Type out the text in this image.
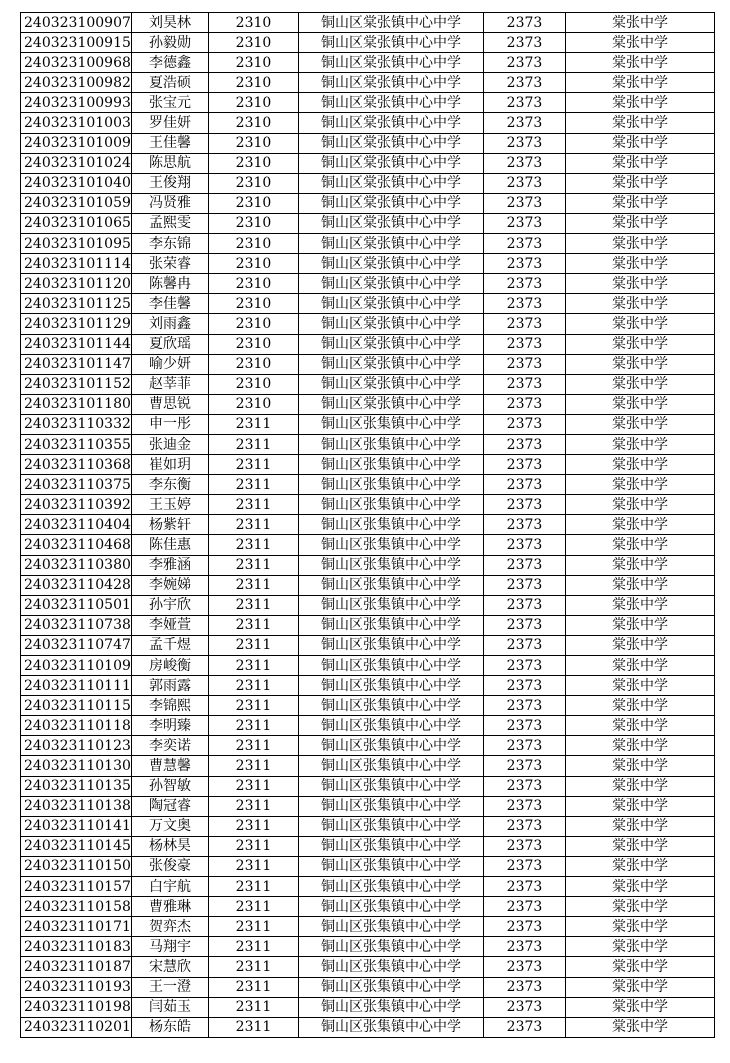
240323100907	刘昊林	2310	铜山区棠张镇中心中学	2373	棠张中学
240323100915	孙毅勋	2310	铜山区棠张镇中心中学	2373	棠张中学
240323100968	李德鑫	2310	铜山区棠张镇中心中学	2373	棠张中学
240323100982	夏浩硕	2310	铜山区棠张镇中心中学	2373	棠张中学
240323100993	张宝元	2310	铜山区棠张镇中心中学	2373	棠张中学
240323101003	罗佳妍	2310	铜山区棠张镇中心中学	2373	棠张中学
240323101009	王佳馨	2310	铜山区棠张镇中心中学	2373	棠张中学
240323101024	陈思航	2310	铜山区棠张镇中心中学	2373	棠张中学
240323101040	王俊翔	2310	铜山区棠张镇中心中学	2373	棠张中学
240323101059	冯贤雅	2310	铜山区棠张镇中心中学	2373	棠张中学
240323101065	孟熙雯	2310	铜山区棠张镇中心中学	2373	棠张中学
240323101095	李东锦	2310	铜山区棠张镇中心中学	2373	棠张中学
240323101114	张荣睿	2310	铜山区棠张镇中心中学	2373	棠张中学
240323101120	陈馨冉	2310	铜山区棠张镇中心中学	2373	棠张中学
240323101125	李佳馨	2310	铜山区棠张镇中心中学	2373	棠张中学
240323101129	刘雨鑫	2310	铜山区棠张镇中心中学	2373	棠张中学
240323101144	夏欣瑶	2310	铜山区棠张镇中心中学	2373	棠张中学
240323101147	喻少妍	2310	铜山区棠张镇中心中学	2373	棠张中学
240323101152	赵莘菲	2310	铜山区棠张镇中心中学	2373	棠张中学
240323101180	曹思锐	2310	铜山区棠张镇中心中学	2373	棠张中学
240323110332	申一彤	2311	铜山区张集镇中心中学	2373	棠张中学
240323110355	张迪金	2311	铜山区张集镇中心中学	2373	棠张中学
240323110368	崔如玥	2311	铜山区张集镇中心中学	2373	棠张中学
240323110375	李东衡	2311	铜山区张集镇中心中学	2373	棠张中学
240323110392	王玉婷	2311	铜山区张集镇中心中学	2373	棠张中学
240323110404	杨紫轩	2311	铜山区张集镇中心中学	2373	棠张中学
240323110468	陈佳惠	2311	铜山区张集镇中心中学	2373	棠张中学
240323110380	李雅涵	2311	铜山区张集镇中心中学	2373	棠张中学
240323110428	李婉娣	2311	铜山区张集镇中心中学	2373	棠张中学
240323110501	孙宇欣	2311	铜山区张集镇中心中学	2373	棠张中学
240323110738	李娅萱	2311	铜山区张集镇中心中学	2373	棠张中学
240323110747	孟千煜	2311	铜山区张集镇中心中学	2373	棠张中学
240323110109	房峻衡	2311	铜山区张集镇中心中学	2373	棠张中学
240323110111	郭雨露	2311	铜山区张集镇中心中学	2373	棠张中学
240323110115	李锦熙	2311	铜山区张集镇中心中学	2373	棠张中学
240323110118	李明臻	2311	铜山区张集镇中心中学	2373	棠张中学
240323110123	李奕诺	2311	铜山区张集镇中心中学	2373	棠张中学
240323110130	曹慧馨	2311	铜山区张集镇中心中学	2373	棠张中学
240323110135	孙智敏	2311	铜山区张集镇中心中学	2373	棠张中学
240323110138	陶冠睿	2311	铜山区张集镇中心中学	2373	棠张中学
240323110141	万文奥	2311	铜山区张集镇中心中学	2373	棠张中学
240323110145	杨林昊	2311	铜山区张集镇中心中学	2373	棠张中学
240323110150	张俊豪	2311	铜山区张集镇中心中学	2373	棠张中学
240323110157	白宇航	2311	铜山区张集镇中心中学	2373	棠张中学
240323110158	曹雅琳	2311	铜山区张集镇中心中学	2373	棠张中学
240323110171	贺弈杰	2311	铜山区张集镇中心中学	2373	棠张中学
240323110183	马翔宇	2311	铜山区张集镇中心中学	2373	棠张中学
240323110187	宋慧欣	2311	铜山区张集镇中心中学	2373	棠张中学
240323110193	王一澄	2311	铜山区张集镇中心中学	2373	棠张中学
240323110198	闫茹玉	2311	铜山区张集镇中心中学	2373	棠张中学
240323110201	杨东皓	2311	铜山区张集镇中心中学	2373	棠张中学
